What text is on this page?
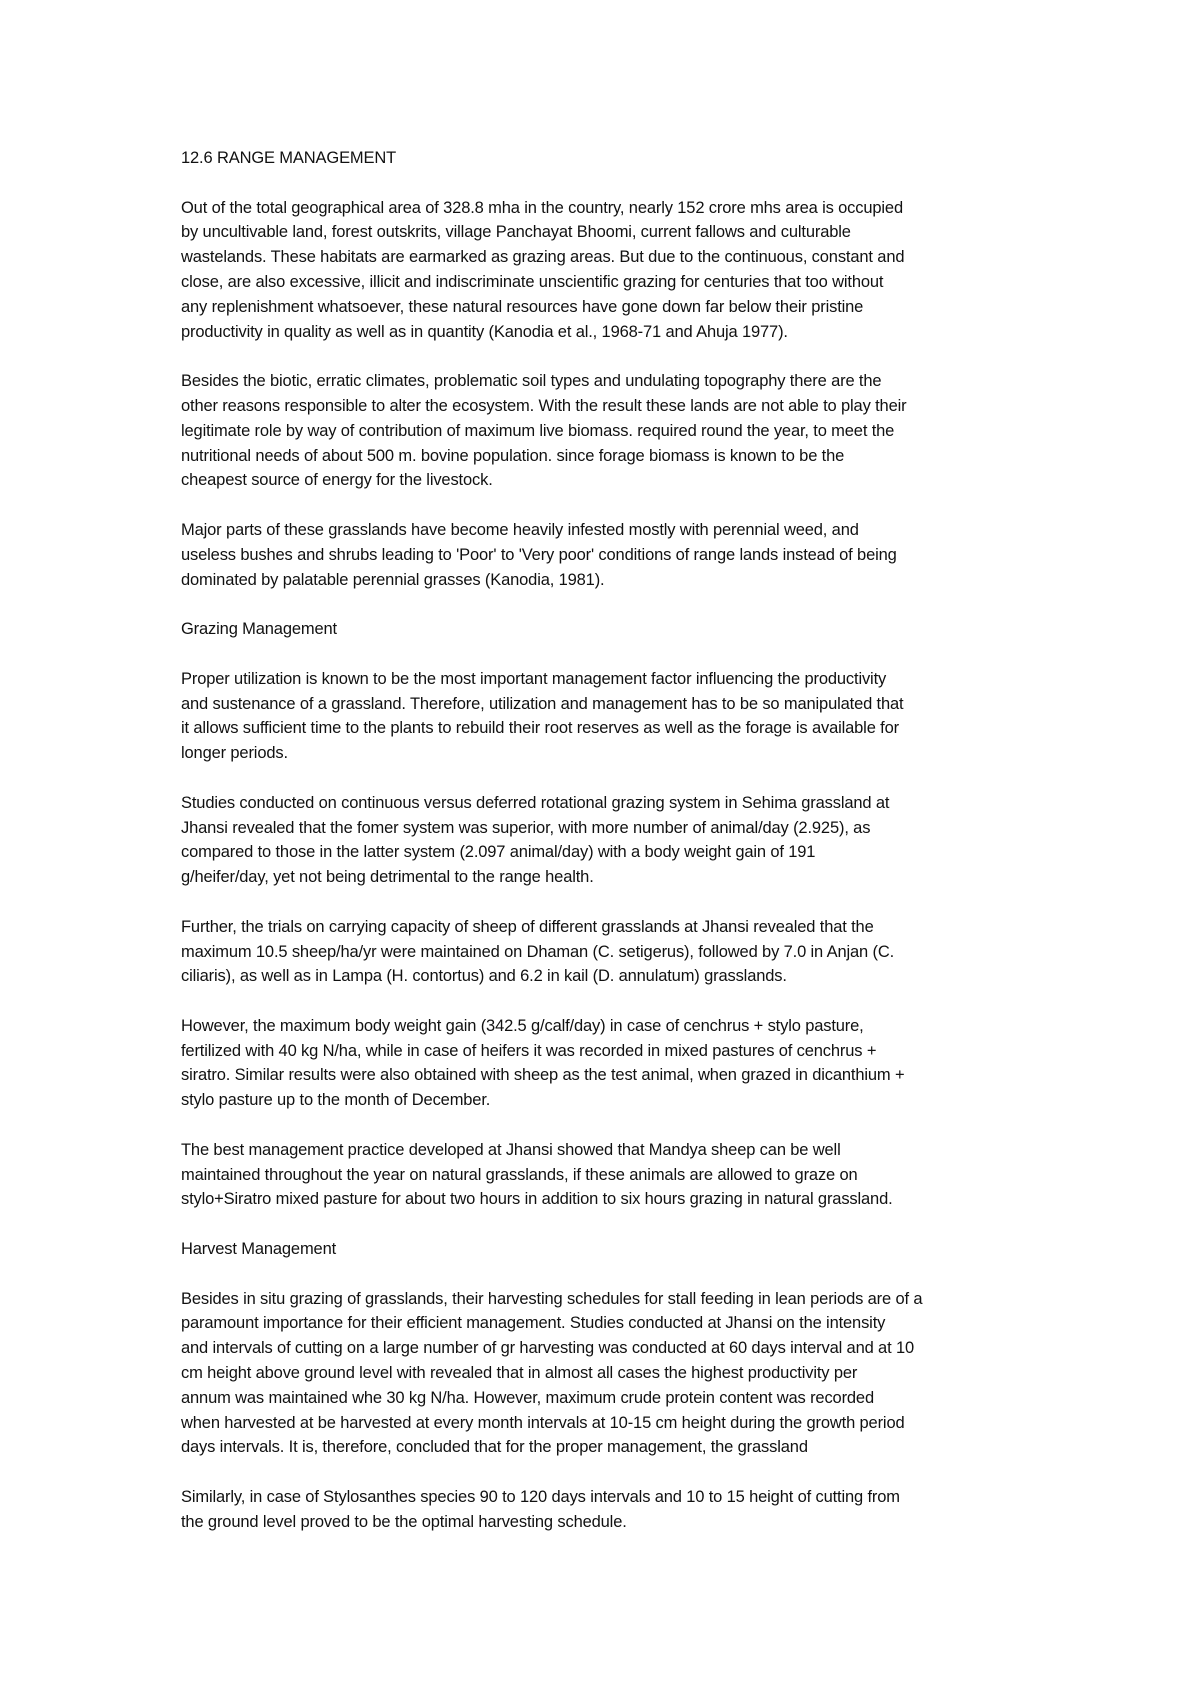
12.6 RANGE MANAGEMENT
Out of the total geographical area of 328.8 mha in the country, nearly 152 crore mhs area is occupied
by uncultivable land, forest outskrits, village Panchayat Bhoomi, current fallows and culturable
wastelands. These habitats are earmarked as grazing areas. But due to the continuous, constant and
close, are also excessive, illicit and indiscriminate unscientific grazing for centuries that too without
any replenishment whatsoever, these natural resources have gone down far below their pristine
productivity in quality as well as in quantity (Kanodia et al., 1968-71 and Ahuja 1977).
Besides the biotic, erratic climates, problematic soil types and undulating topography there are the
other reasons responsible to alter the ecosystem. With the result these lands are not able to play their
legitimate role by way of contribution of maximum live biomass. required round the year, to meet the
nutritional needs of about 500 m. bovine population. since forage biomass is known to be the
cheapest source of energy for the livestock.
Major parts of these grasslands have become heavily infested mostly with perennial weed, and
useless bushes and shrubs leading to 'Poor' to 'Very poor' conditions of range lands instead of being
dominated by palatable perennial grasses (Kanodia, 1981).
Grazing Management
Proper utilization is known to be the most important management factor influencing the productivity
and sustenance of a grassland. Therefore, utilization and management has to be so manipulated that
it allows sufficient time to the plants to rebuild their root reserves as well as the forage is available for
longer periods.
Studies conducted on continuous versus deferred rotational grazing system in Sehima grassland at
Jhansi revealed that the fomer system was superior, with more number of animal/day (2.925), as
compared to those in the latter system (2.097 animal/day) with a body weight gain of 191
g/heifer/day, yet not being detrimental to the range health.
Further, the trials on carrying capacity of sheep of different grasslands at Jhansi revealed that the
maximum 10.5 sheep/ha/yr were maintained on Dhaman (C. setigerus), followed by 7.0 in Anjan (C.
ciliaris), as well as in Lampa (H. contortus) and 6.2 in kail (D. annulatum) grasslands.
However, the maximum body weight gain (342.5 g/calf/day) in case of cenchrus + stylo pasture,
fertilized with 40 kg N/ha, while in case of heifers it was recorded in mixed pastures of cenchrus +
siratro. Similar results were also obtained with sheep as the test animal, when grazed in dicanthium +
stylo pasture up to the month of December.
The best management practice developed at Jhansi showed that Mandya sheep can be well
maintained throughout the year on natural grasslands, if these animals are allowed to graze on
stylo+Siratro mixed pasture for about two hours in addition to six hours grazing in natural grassland.
Harvest Management
Besides in situ grazing of grasslands, their harvesting schedules for stall feeding in lean periods are of a
paramount importance for their efficient management. Studies conducted at Jhansi on the intensity
and intervals of cutting on a large number of gr harvesting was conducted at 60 days interval and at 10
cm height above ground level with revealed that in almost all cases the highest productivity per
annum was maintained whe 30 kg N/ha. However, maximum crude protein content was recorded
when harvested at be harvested at every month intervals at 10-15 cm height during the growth period
days intervals. It is, therefore, concluded that for the proper management, the grassland
Similarly, in case of Stylosanthes species 90 to 120 days intervals and 10 to 15 height of cutting from
the ground level proved to be the optimal harvesting schedule.
